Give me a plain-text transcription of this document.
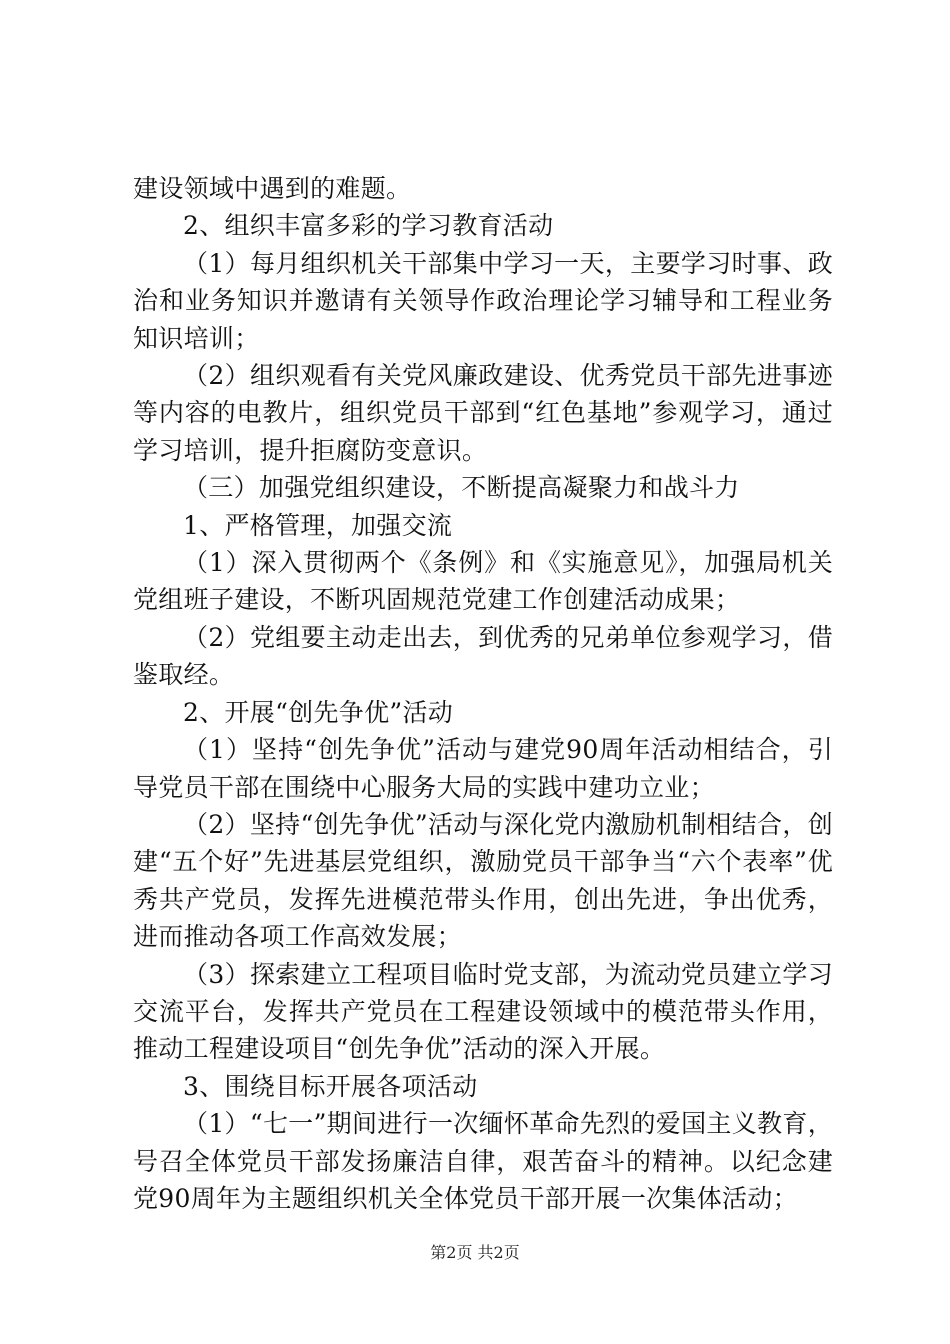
建设领域中遇到的难题。

2、组织丰富多彩的学习教育活动

（1）每月组织机关干部集中学习一天，主要学习时事、政治和业务知识并邀请有关领导作政治理论学习辅导和工程业务知识培训；

（2）组织观看有关党风廉政建设、优秀党员干部先进事迹等内容的电教片，组织党员干部到“红色基地”参观学习，通过学习培训，提升拒腐防变意识。

（三）加强党组织建设，不断提高凝聚力和战斗力

1、严格管理，加强交流

（1）深入贯彻两个《条例》和《实施意见》，加强局机关党组班子建设，不断巩固规范党建工作创建活动成果；

（2）党组要主动走出去，到优秀的兄弟单位参观学习，借鉴取经。

2、开展“创先争优”活动

（1）坚持“创先争优”活动与建党90周年活动相结合，引导党员干部在围绕中心服务大局的实践中建功立业；

（2）坚持“创先争优”活动与深化党内激励机制相结合，创建“五个好”先进基层党组织，激励党员干部争当“六个表率”优秀共产党员，发挥先进模范带头作用，创出先进，争出优秀，进而推动各项工作高效发展；

（3）探索建立工程项目临时党支部，为流动党员建立学习交流平台，发挥共产党员在工程建设领域中的模范带头作用，推动工程建设项目“创先争优”活动的深入开展。

3、围绕目标开展各项活动

（1）“七一”期间进行一次缅怀革命先烈的爱国主义教育，号召全体党员干部发扬廉洁自律，艰苦奋斗的精神。以纪念建党90周年为主题组织机关全体党员干部开展一次集体活动；

第2页 共2页
